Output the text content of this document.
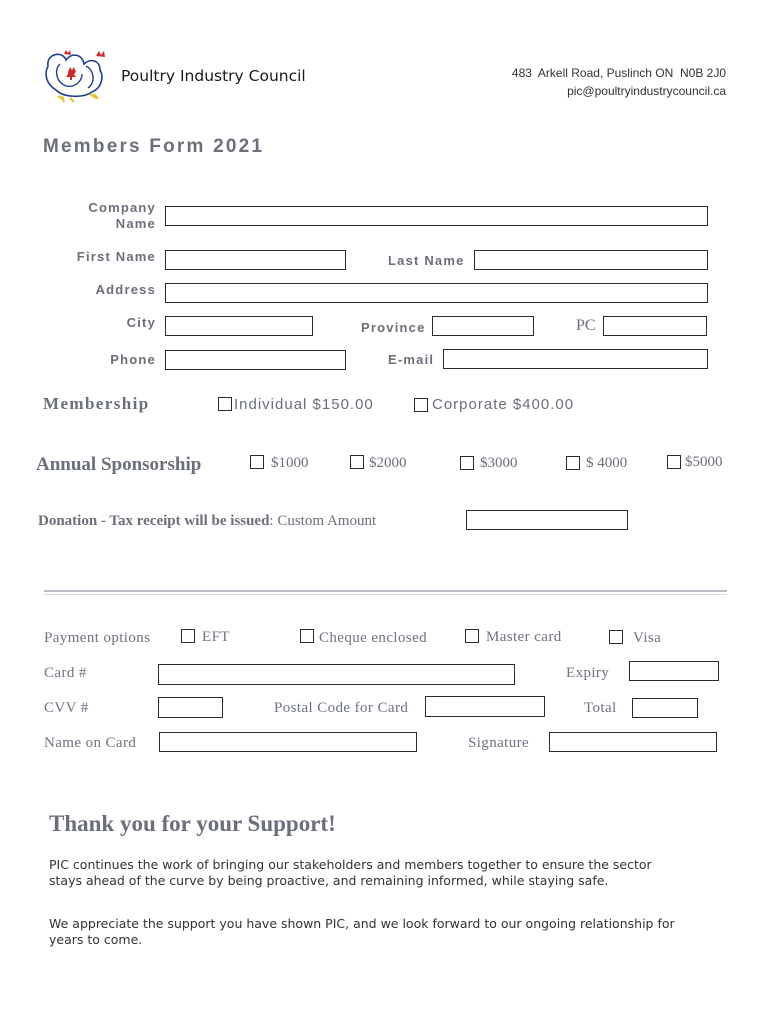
Poultry Industry Council	483  Arkell Road, Puslinch ON  N0B 2J0
pic@poultryindustrycouncil.ca
Members Form 2021
Company
Name
First Name	Last Name
Address
City	Province	PC
Phone	E-mail
Membership	Individual $150.00	Corporate $400.00
Annual Sponsorship	$1000	$2000	$3000	$ 4000	$5000
Donation - Tax receipt will be issued: Custom Amount
Payment options	EFT	Cheque enclosed	Master card	Visa
Card #	Expiry
CVV #	Postal Code for Card	Total
Name on Card	Signature
Thank you for your Support!
PIC continues the work of bringing our stakeholders and members together to ensure the sector stays ahead of the curve by being proactive, and remaining informed, while staying safe.
We appreciate the support you have shown PIC, and we look forward to our ongoing relationship for years to come.
